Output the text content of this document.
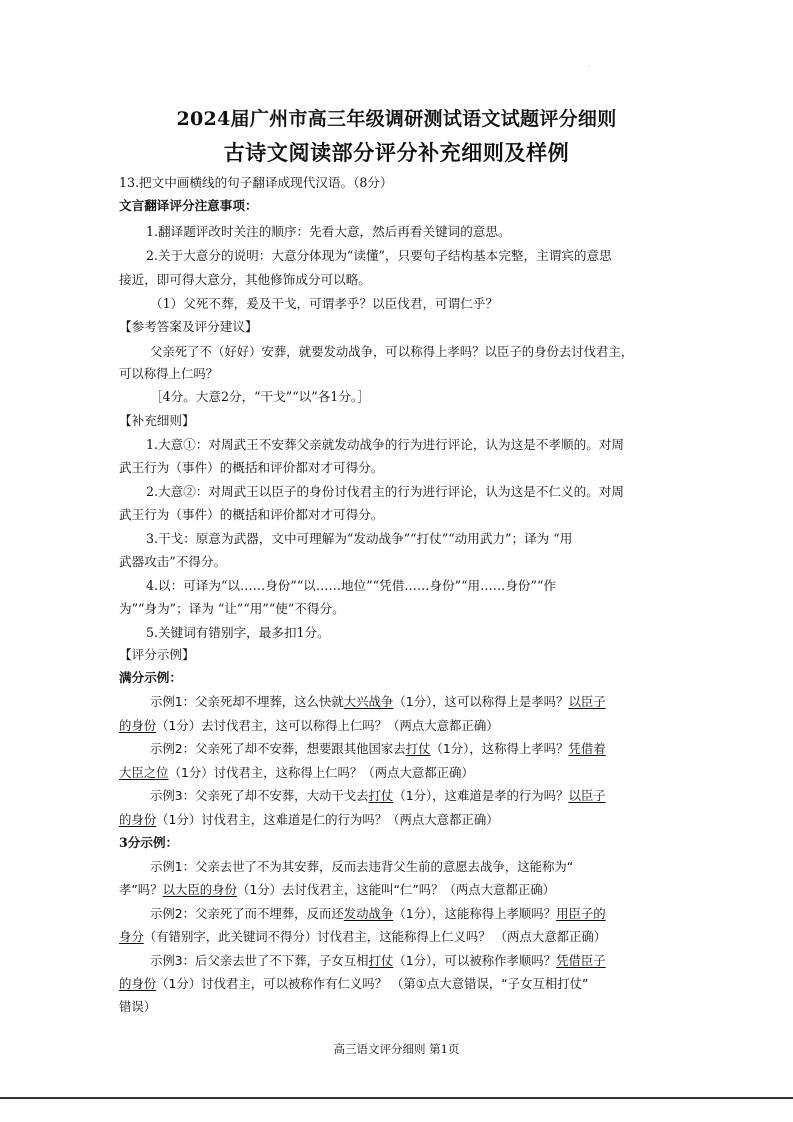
·
2024届广州市高三年级调研测试语文试题评分细则
古诗文阅读部分评分补充细则及样例
13.把文中画横线的句子翻译成现代汉语。（8分）
文言翻译评分注意事项：
1.翻译题评改时关注的顺序：先看大意，然后再看关键词的意思。
2.关于大意分的说明：大意分体现为“读懂”，只要句子结构基本完整，主谓宾的意思
接近，即可得大意分，其他修饰成分可以略。
（1）父死不葬，爰及干戈，可谓孝乎？以臣伐君，可谓仁乎？
【参考答案及评分建议】
父亲死了不（好好）安葬，就要发动战争，可以称得上孝吗？以臣子的身份去讨伐君主，
可以称得上仁吗？
［4分。大意2分，“干戈”“以”各1分。］
【补充细则】
1.大意①：对周武王不安葬父亲就发动战争的行为进行评论，认为这是不孝顺的。对周
武王行为（事件）的概括和评价都对才可得分。
2.大意②：对周武王以臣子的身份讨伐君主的行为进行评论，认为这是不仁义的。对周
武王行为（事件）的概括和评价都对才可得分。
3.干戈：原意为武器，文中可理解为“发动战争”“打仗”“动用武力”；译为 “用
武器攻击”不得分。
4.以：可译为“以……身份”“以……地位”“凭借……身份”“用……身份”“作
为”“身为”；译为 “让”“用”“使”不得分。
5.关键词有错别字，最多扣1分。
【评分示例】
满分示例：
示例1：父亲死却不埋葬，这么快就大兴战争（1分），这可以称得上是孝吗？以臣子
的身份（1分）去讨伐君主，这可以称得上仁吗？（两点大意都正确）
示例2：父亲死了却不安葬，想要跟其他国家去打仗（1分），这称得上孝吗？凭借着
大臣之位（1分）讨伐君主，这称得上仁吗？（两点大意都正确）
示例3：父亲死了却不安葬，大动干戈去打仗（1分），这难道是孝的行为吗？以臣子
的身份（1分）讨伐君主，这难道是仁的行为吗？（两点大意都正确）
3分示例：
示例1：父亲去世了不为其安葬，反而去违背父生前的意愿去战争，这能称为“
孝”吗？以大臣的身份（1分）去讨伐君主，这能叫“仁”吗？（两点大意都正确）
示例2：父亲死了而不埋葬，反而还发动战争（1分），这能称得上孝顺吗？用臣子的
身分（有错别字，此关键词不得分）讨伐君主，这能称得上仁义吗？ （两点大意都正确）
示例3：后父亲去世了不下葬，子女互相打仗（1分），可以被称作孝顺吗？凭借臣子
的身份（1分）讨伐君主，可以被称作有仁义吗？ （第①点大意错误，“子女互相打仗”
错误）
高三语文评分细则 第1页
